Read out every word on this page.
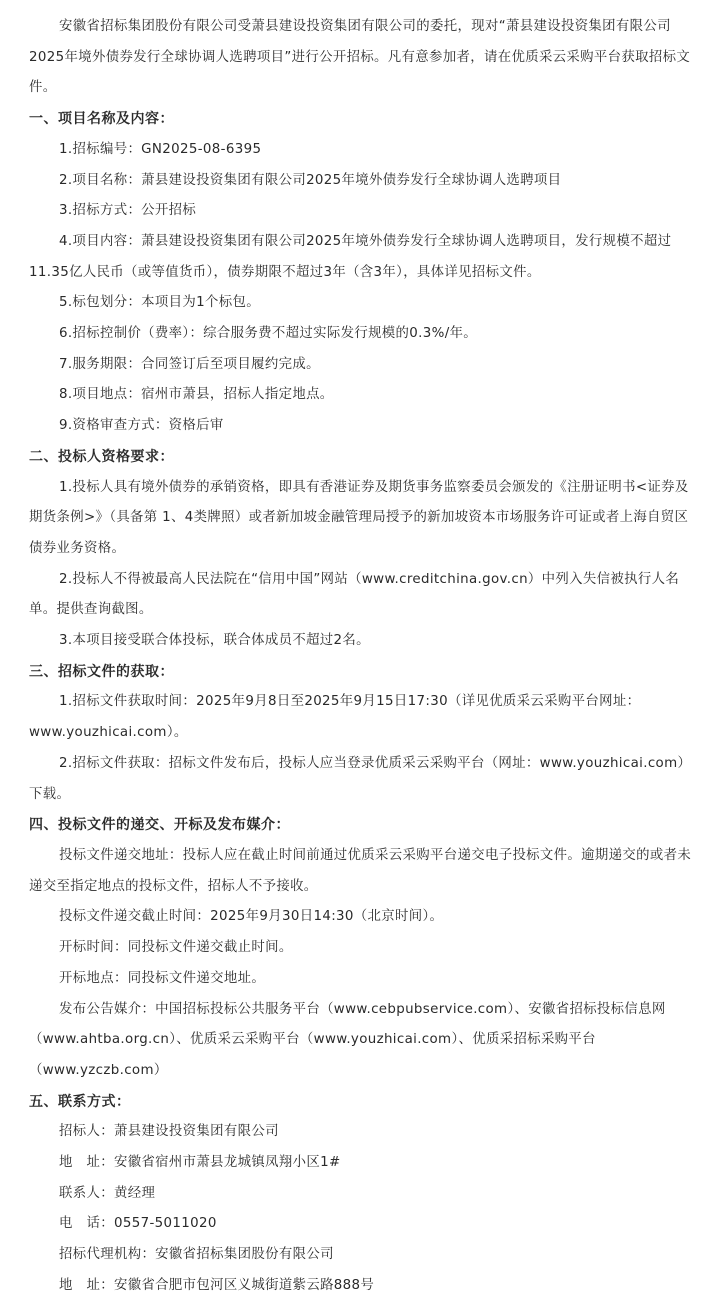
安徽省招标集团股份有限公司受萧县建设投资集团有限公司的委托，现对“萧县建设投资集团有限公司2025年境外债券发行全球协调人选聘项目”进行公开招标。凡有意参加者，请在优质采云采购平台获取招标文件。

一、项目名称及内容：

1.招标编号：GN2025-08-6395

2.项目名称：萧县建设投资集团有限公司2025年境外债券发行全球协调人选聘项目

3.招标方式：公开招标

4.项目内容：萧县建设投资集团有限公司2025年境外债券发行全球协调人选聘项目，发行规模不超过11.35亿人民币（或等值货币），债券期限不超过3年（含3年），具体详见招标文件。

5.标包划分：本项目为1个标包。

6.招标控制价（费率）：综合服务费不超过实际发行规模的0.3%/年。

7.服务期限：合同签订后至项目履约完成。

8.项目地点：宿州市萧县，招标人指定地点。

9.资格审查方式：资格后审

二、投标人资格要求：

1.投标人具有境外债券的承销资格，即具有香港证券及期货事务监察委员会颁发的《注册证明书<证券及期货条例>》（具备第 1、4类牌照）或者新加坡金融管理局授予的新加坡资本市场服务许可证或者上海自贸区债券业务资格。

2.投标人不得被最高人民法院在“信用中国”网站（www.creditchina.gov.cn）中列入失信被执行人名单。提供查询截图。

3.本项目接受联合体投标，联合体成员不超过2名。

三、招标文件的获取：

1.招标文件获取时间：2025年9月8日至2025年9月15日17:30（详见优质采云采购平台网址：www.youzhicai.com）。

2.招标文件获取：招标文件发布后，投标人应当登录优质采云采购平台（网址：www.youzhicai.com）下载。

四、投标文件的递交、开标及发布媒介：

投标文件递交地址：投标人应在截止时间前通过优质采云采购平台递交电子投标文件。逾期递交的或者未递交至指定地点的投标文件，招标人不予接收。

投标文件递交截止时间：2025年9月30日14:30（北京时间）。

开标时间：同投标文件递交截止时间。

开标地点：同投标文件递交地址。

发布公告媒介：中国招标投标公共服务平台（www.cebpubservice.com）、安徽省招标投标信息网（www.ahtba.org.cn）、优质采云采购平台（www.youzhicai.com）、优质采招标采购平台（www.yzczb.com）

五、联系方式：

招标人：萧县建设投资集团有限公司

地　址：安徽省宿州市萧县龙城镇凤翔小区1#

联系人：黄经理

电　话：0557-5011020

招标代理机构：安徽省招标集团股份有限公司

地　址：安徽省合肥市包河区义城街道紫云路888号
